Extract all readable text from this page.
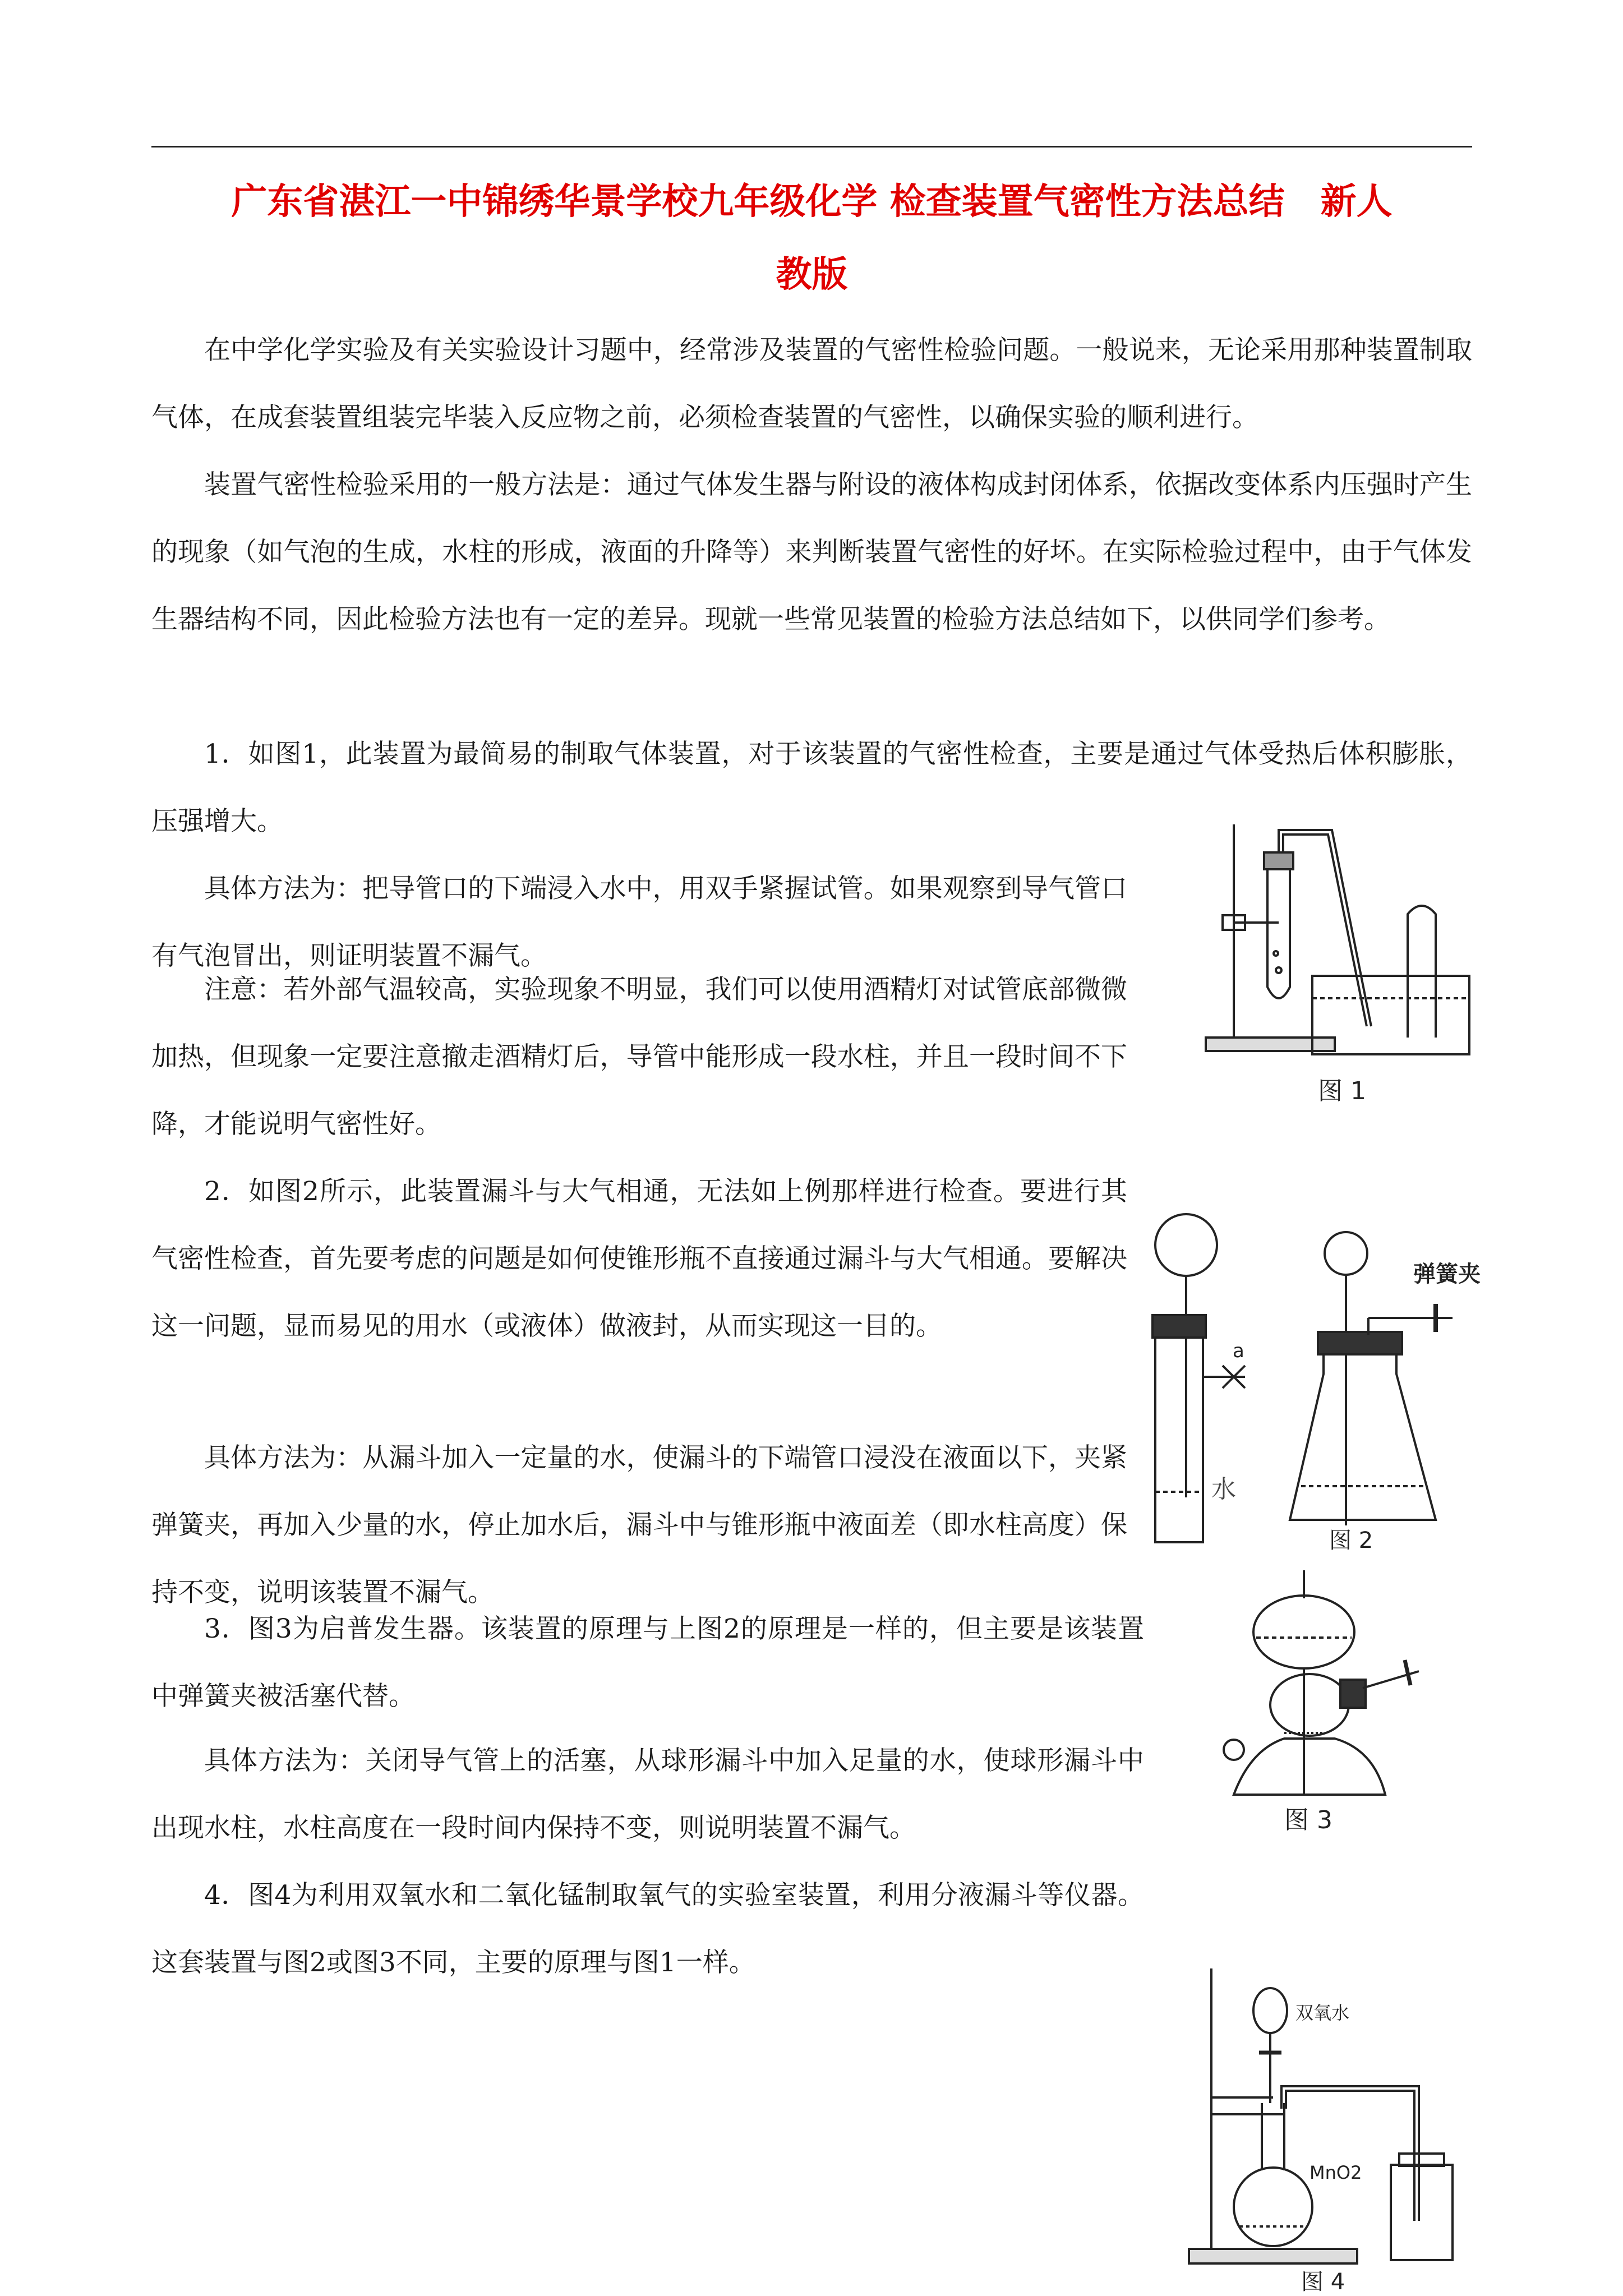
广东省湛江一中锦绣华景学校九年级化学 检查装置气密性方法总结　新人
教版

在中学化学实验及有关实验设计习题中，经常涉及装置的气密性检验问题。一般说来，无论采用那种装置制取气体，在成套装置组装完毕装入反应物之前，必须检查装置的气密性，以确保实验的顺利进行。

装置气密性检验采用的一般方法是：通过气体发生器与附设的液体构成封闭体系，依据改变体系内压强时产生的现象（如气泡的生成，水柱的形成，液面的升降等）来判断装置气密性的好坏。在实际检验过程中，由于气体发生器结构不同，因此检验方法也有一定的差异。现就一些常见装置的检验方法总结如下，以供同学们参考。

1．如图1，此装置为最简易的制取气体装置，对于该装置的气密性检查，主要是通过气体受热后体积膨胀，压强增大。

具体方法为：把导管口的下端浸入水中，用双手紧握试管。如果观察到导气管口有气泡冒出，则证明装置不漏气。

注意：若外部气温较高，实验现象不明显，我们可以使用酒精灯对试管底部微微加热，但现象一定要注意撤走酒精灯后，导管中能形成一段水柱，并且一段时间不下降，才能说明气密性好。

2．如图2所示，此装置漏斗与大气相通，无法如上例那样进行检查。要进行其气密性检查，首先要考虑的问题是如何使锥形瓶不直接通过漏斗与大气相通。要解决这一问题，显而易见的用水（或液体）做液封，从而实现这一目的。

具体方法为：从漏斗加入一定量的水，使漏斗的下端管口浸没在液面以下，夹紧弹簧夹，再加入少量的水，停止加水后，漏斗中与锥形瓶中液面差（即水柱高度）保持不变，说明该装置不漏气。

3．图3为启普发生器。该装置的原理与上图2的原理是一样的，但主要是该装置中弹簧夹被活塞代替。

具体方法为：关闭导气管上的活塞，从球形漏斗中加入足量的水，使球形漏斗中出现水柱，水柱高度在一段时间内保持不变，则说明装置不漏气。

4．图4为利用双氧水和二氧化锰制取氧气的实验室装置，利用分液漏斗等仪器。这套装置与图2或图3不同，主要的原理与图1一样。

图 1
a
水
弹簧夹
图 2
图 3
双氧水
MnO2
图 4
